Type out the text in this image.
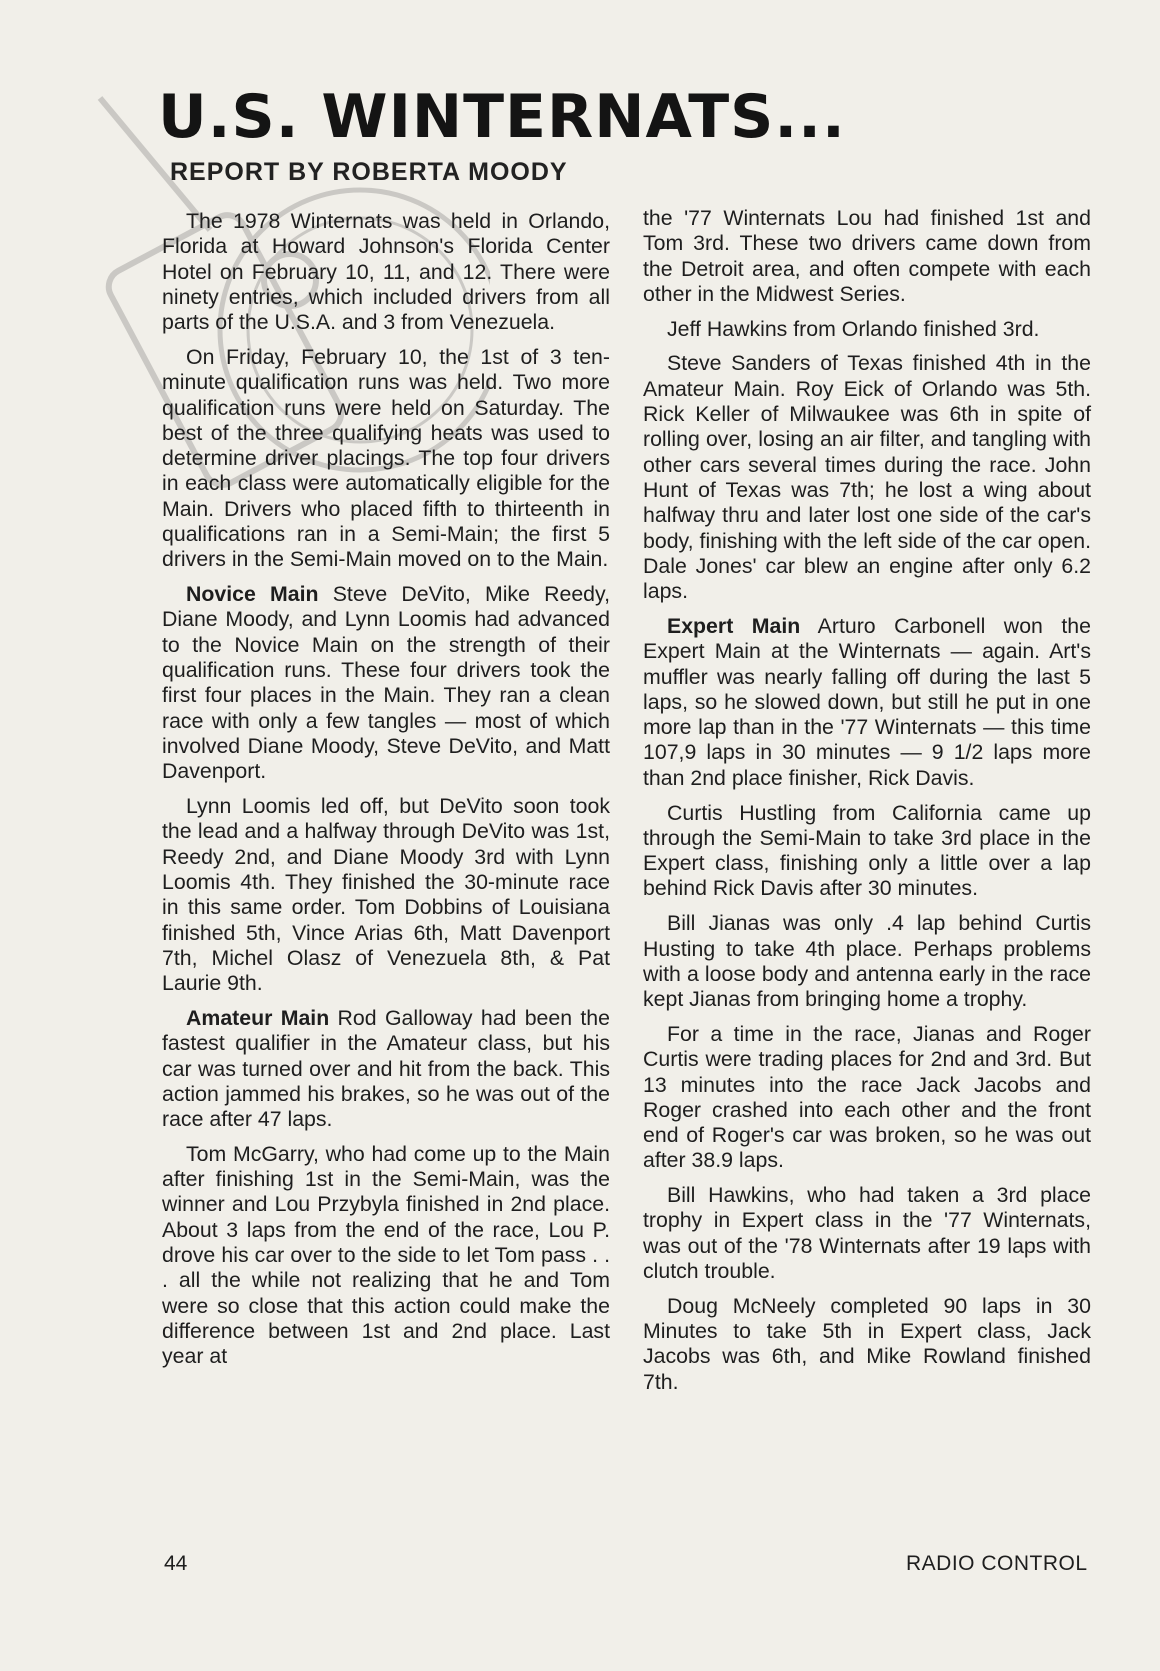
U.S. WINTERNATS...
REPORT BY ROBERTA MOODY

The 1978 Winternats was held in Orlando, Florida at Howard Johnson's Florida Center Hotel on February 10, 11, and 12. There were ninety entries, which included drivers from all parts of the U.S.A. and 3 from Venezuela.

On Friday, February 10, the 1st of 3 ten-minute qualification runs was held. Two more qualification runs were held on Saturday. The best of the three qualifying heats was used to determine driver placings. The top four drivers in each class were automatically eligible for the Main. Drivers who placed fifth to thirteenth in qualifications ran in a Semi-Main; the first 5 drivers in the Semi-Main moved on to the Main.

Novice Main Steve DeVito, Mike Reedy, Diane Moody, and Lynn Loomis had advanced to the Novice Main on the strength of their qualification runs. These four drivers took the first four places in the Main. They ran a clean race with only a few tangles — most of which involved Diane Moody, Steve DeVito, and Matt Davenport.

Lynn Loomis led off, but DeVito soon took the lead and a halfway through DeVito was 1st, Reedy 2nd, and Diane Moody 3rd with Lynn Loomis 4th. They finished the 30-minute race in this same order. Tom Dobbins of Louisiana finished 5th, Vince Arias 6th, Matt Davenport 7th, Michel Olasz of Venezuela 8th, & Pat Laurie 9th.

Amateur Main Rod Galloway had been the fastest qualifier in the Amateur class, but his car was turned over and hit from the back. This action jammed his brakes, so he was out of the race after 47 laps.

Tom McGarry, who had come up to the Main after finishing 1st in the Semi-Main, was the winner and Lou Przybyla finished in 2nd place. About 3 laps from the end of the race, Lou P. drove his car over to the side to let Tom pass . . . all the while not realizing that he and Tom were so close that this action could make the difference between 1st and 2nd place. Last year at

the '77 Winternats Lou had finished 1st and Tom 3rd. These two drivers came down from the Detroit area, and often compete with each other in the Midwest Series.

Jeff Hawkins from Orlando finished 3rd.

Steve Sanders of Texas finished 4th in the Amateur Main. Roy Eick of Orlando was 5th. Rick Keller of Milwaukee was 6th in spite of rolling over, losing an air filter, and tangling with other cars several times during the race. John Hunt of Texas was 7th; he lost a wing about halfway thru and later lost one side of the car's body, finishing with the left side of the car open. Dale Jones' car blew an engine after only 6.2 laps.

Expert Main Arturo Carbonell won the Expert Main at the Winternats — again. Art's muffler was nearly falling off during the last 5 laps, so he slowed down, but still he put in one more lap than in the '77 Winternats — this time 107,9 laps in 30 minutes — 9 1/2 laps more than 2nd place finisher, Rick Davis.

Curtis Hustling from California came up through the Semi-Main to take 3rd place in the Expert class, finishing only a little over a lap behind Rick Davis after 30 minutes.

Bill Jianas was only .4 lap behind Curtis Husting to take 4th place. Perhaps problems with a loose body and antenna early in the race kept Jianas from bringing home a trophy.

For a time in the race, Jianas and Roger Curtis were trading places for 2nd and 3rd. But 13 minutes into the race Jack Jacobs and Roger crashed into each other and the front end of Roger's car was broken, so he was out after 38.9 laps.

Bill Hawkins, who had taken a 3rd place trophy in Expert class in the '77 Winternats, was out of the '78 Winternats after 19 laps with clutch trouble.

Doug McNeely completed 90 laps in 30 Minutes to take 5th in Expert class, Jack Jacobs was 6th, and Mike Rowland finished 7th.

44	RADIO CONTROL
